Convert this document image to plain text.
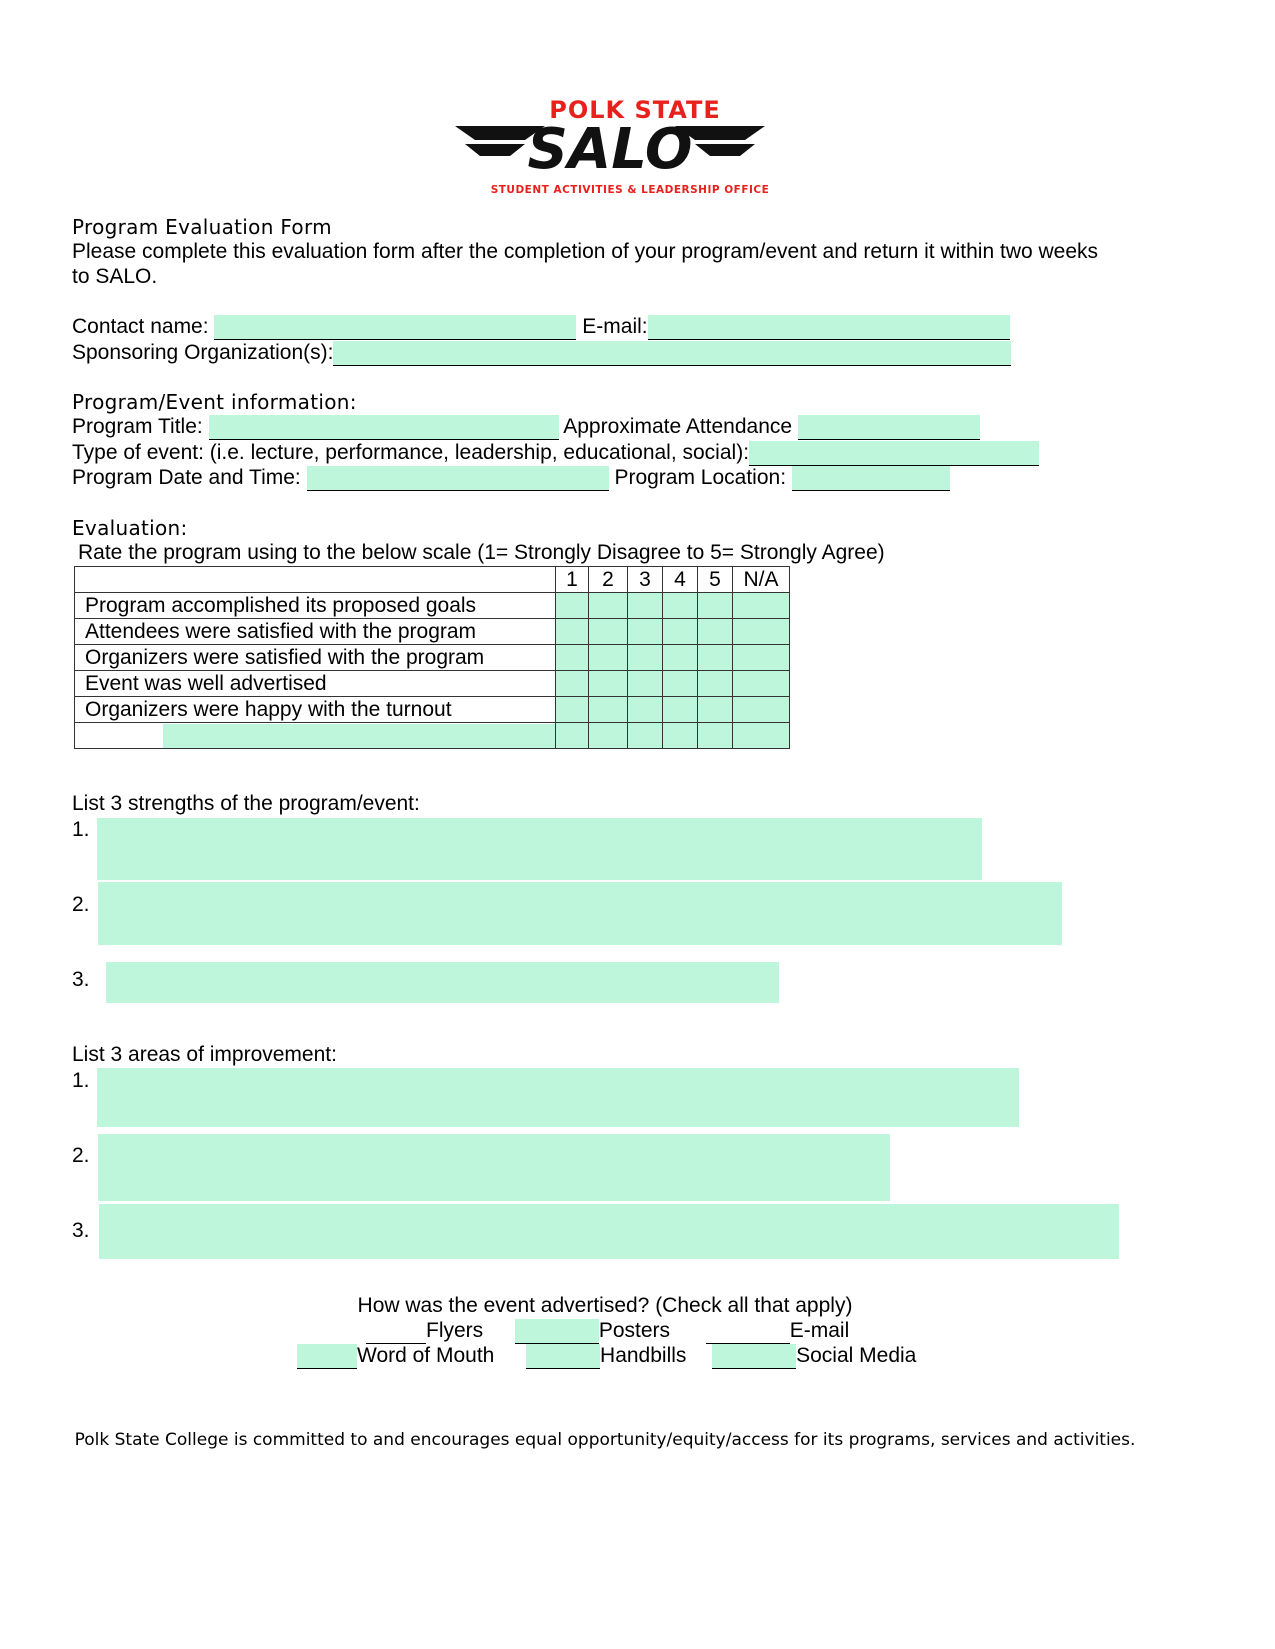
POLK STATE
SALO
STUDENT ACTIVITIES & LEADERSHIP OFFICE
Program Evaluation Form
Please complete this evaluation form after the completion of your program/event and return it within two weeks
to SALO.
Contact name:	E-mail:
Sponsoring Organization(s):
Program/Event information:
Program Title:	Approximate Attendance
Type of event: (i.e. lecture, performance, leadership, educational, social):
Program Date and Time:	Program Location:
Evaluation:
Rate the program using to the below scale (1= Strongly Disagree to 5= Strongly Agree)
	1	2	3	4	5	N/A
Program accomplished its proposed goals						
Attendees were satisfied with the program						
Organizers were satisfied with the program						
Event was well advertised						
Organizers were happy with the turnout						

List 3 strengths of the program/event:
1.
2.
3.
List 3 areas of improvement:
1.
2.
3.
How was the event advertised? (Check all that apply)
Flyers	Posters	E-mail
Word of Mouth	Handbills	Social Media
Polk State College is committed to and encourages equal opportunity/equity/access for its programs, services and activities.
